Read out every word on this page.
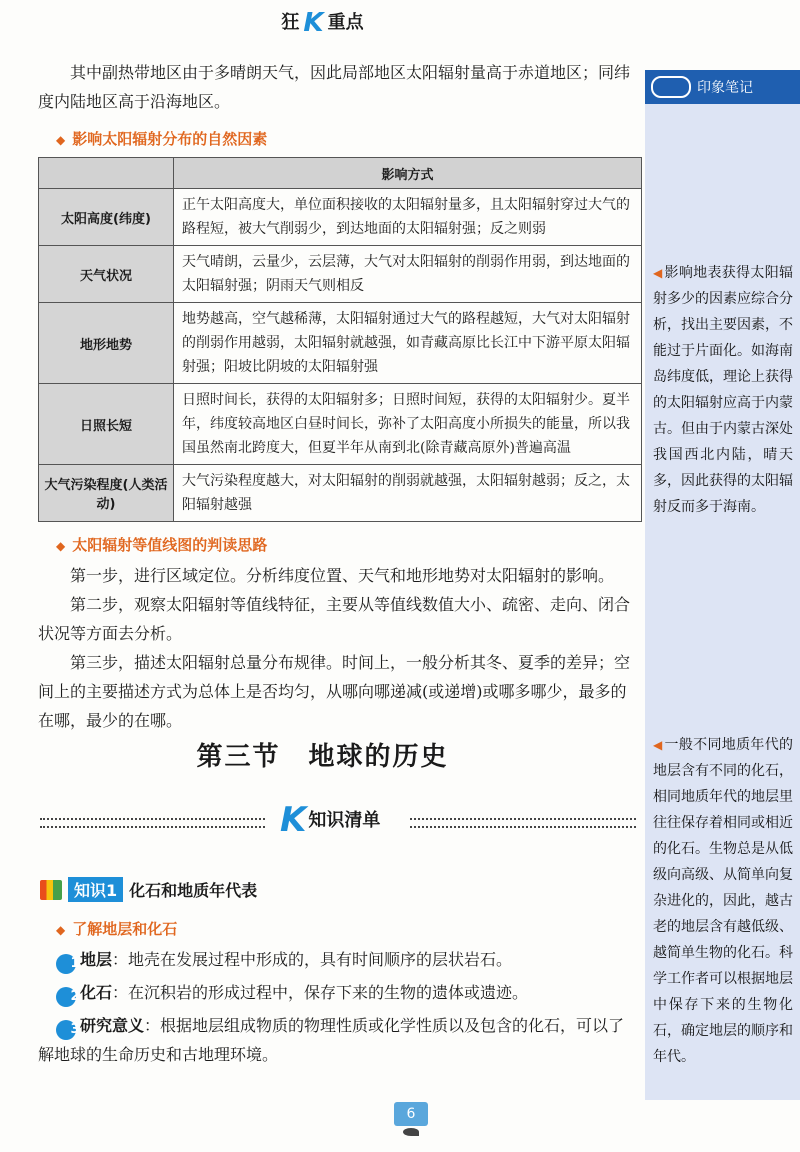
狂 K 重点

其中副热带地区由于多晴朗天气，因此局部地区太阳辐射量高于赤道地区；同纬度内陆地区高于沿海地区。

◆ 影响太阳辐射分布的自然因素
	影响方式
太阳高度(纬度)	正午太阳高度大，单位面积接收的太阳辐射量多，且太阳辐射穿过大气的路程短，被大气削弱少，到达地面的太阳辐射强；反之则弱
天气状况	天气晴朗，云量少，云层薄，大气对太阳辐射的削弱作用弱，到达地面的太阳辐射强；阴雨天气则相反
地形地势	地势越高，空气越稀薄，太阳辐射通过大气的路程越短，大气对太阳辐射的削弱作用越弱，太阳辐射就越强，如青藏高原比长江中下游平原太阳辐射强；阳坡比阴坡的太阳辐射强
日照长短	日照时间长，获得的太阳辐射多；日照时间短，获得的太阳辐射少。夏半年，纬度较高地区白昼时间长，弥补了太阳高度小所损失的能量，所以我国虽然南北跨度大，但夏半年从南到北(除青藏高原外)普遍高温
大气污染程度(人类活动)	大气污染程度越大，对太阳辐射的削弱就越强，太阳辐射越弱；反之，太阳辐射越强
◆ 太阳辐射等值线图的判读思路

第一步，进行区域定位。分析纬度位置、天气和地形地势对太阳辐射的影响。

第二步，观察太阳辐射等值线特征，主要从等值线数值大小、疏密、走向、闭合状况等方面去分析。

第三步，描述太阳辐射总量分布规律。时间上，一般分析其冬、夏季的差异；空间上的主要描述方式为总体上是否均匀，从哪向哪递减(或递增)或哪多哪少，最多的在哪，最少的在哪。

第三节　地球的历史
K知识清单
知识1 化石和地质年代表
◆ 了解地层和化石

1地层：地壳在发展过程中形成的，具有时间顺序的层状岩石。

2化石：在沉积岩的形成过程中，保存下来的生物的遗体或遗迹。

3研究意义：根据地层组成物质的物理性质或化学性质以及包含的化石，可以了解地球的生命历史和古地理环境。

印象笔记
◀ 影响地表获得太阳辐射多少的因素应综合分析，找出主要因素，不能过于片面化。如海南岛纬度低，理论上获得的太阳辐射应高于内蒙古。但由于内蒙古深处我国西北内陆，晴天多，因此获得的太阳辐射反而多于海南。
◀ 一般不同地质年代的地层含有不同的化石，相同地质年代的地层里往往保存着相同或相近的化石。生物总是从低级向高级、从简单向复杂进化的，因此，越古老的地层含有越低级、越简单生物的化石。科学工作者可以根据地层中保存下来的生物化石，确定地层的顺序和年代。
6
